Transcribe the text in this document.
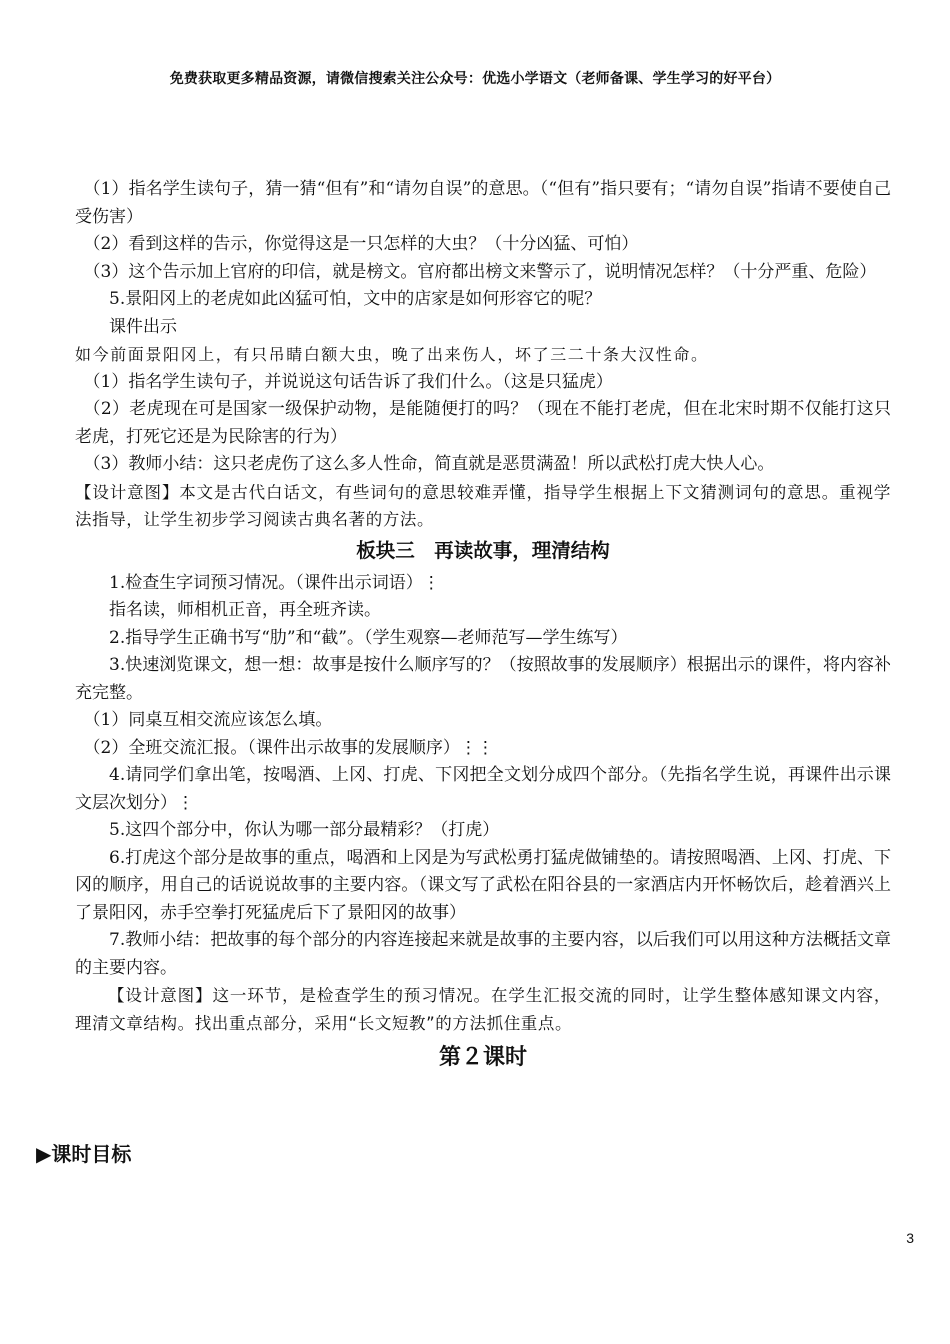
免费获取更多精品资源，请微信搜索关注公众号：优选小学语文（老师备课、学生学习的好平台）

（1）指名学生读句子，猜一猜“但有”和“请勿自误”的意思。（“但有”指只要有；“请勿自误”指请不要使自己受伤害）

（2）看到这样的告示，你觉得这是一只怎样的大虫？（十分凶猛、可怕）

（3）这个告示加上官府的印信，就是榜文。官府都出榜文来警示了，说明情况怎样？（十分严重、危险）

5.景阳冈上的老虎如此凶猛可怕，文中的店家是如何形容它的呢？

课件出示

如今前面景阳冈上，有只吊睛白额大虫，晚了出来伤人，坏了三二十条大汉性命。

（1）指名学生读句子，并说说这句话告诉了我们什么。（这是只猛虎）

（2）老虎现在可是国家一级保护动物，是能随便打的吗？（现在不能打老虎，但在北宋时期不仅能打这只老虎，打死它还是为民除害的行为）

（3）教师小结：这只老虎伤了这么多人性命，简直就是恶贯满盈！所以武松打虎大快人心。

【设计意图】本文是古代白话文，有些词句的意思较难弄懂，指导学生根据上下文猜测词句的意思。重视学法指导，让学生初步学习阅读古典名著的方法。

板块三　再读故事，理清结构

1.检查生字词预习情况。（课件出示词语）⋮

指名读，师相机正音，再全班齐读。

2.指导学生正确书写“肋”和“截”。（学生观察—老师范写—学生练写）

3.快速浏览课文，想一想：故事是按什么顺序写的？（按照故事的发展顺序）根据出示的课件，将内容补充完整。

（1）同桌互相交流应该怎么填。

（2）全班交流汇报。（课件出示故事的发展顺序）⋮⋮

4.请同学们拿出笔，按喝酒、上冈、打虎、下冈把全文划分成四个部分。（先指名学生说，再课件出示课文层次划分）⋮

5.这四个部分中，你认为哪一部分最精彩？（打虎）

6.打虎这个部分是故事的重点，喝酒和上冈是为写武松勇打猛虎做铺垫的。请按照喝酒、上冈、打虎、下冈的顺序，用自己的话说说故事的主要内容。（课文写了武松在阳谷县的一家酒店内开怀畅饮后，趁着酒兴上了景阳冈，赤手空拳打死猛虎后下了景阳冈的故事）

7.教师小结：把故事的每个部分的内容连接起来就是故事的主要内容，以后我们可以用这种方法概括文章的主要内容。

【设计意图】这一环节，是检查学生的预习情况。在学生汇报交流的同时，让学生整体感知课文内容，理清文章结构。找出重点部分，采用“长文短教”的方法抓住重点。

第２课时

▶课时目标
3
